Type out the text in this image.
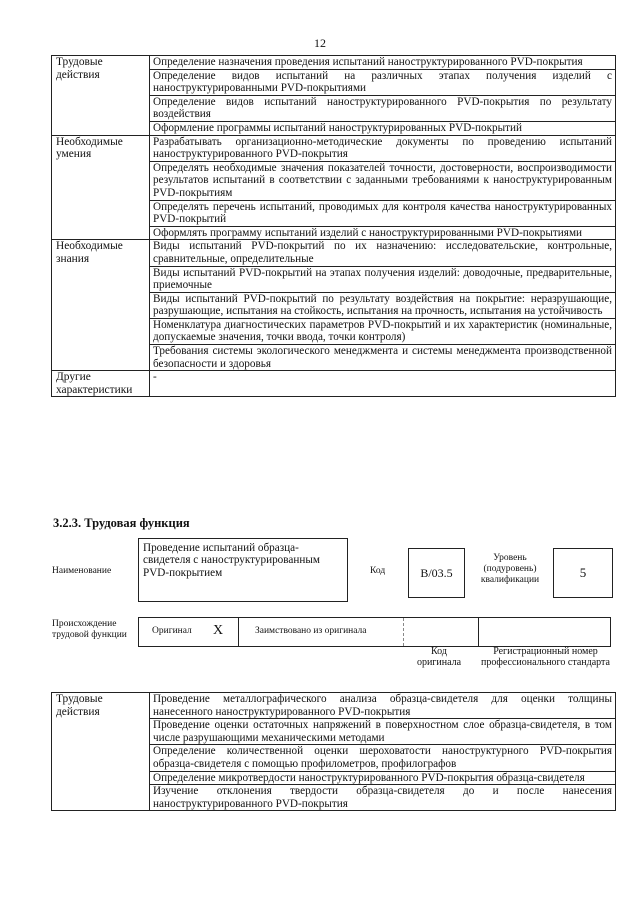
12
Трудовые действия	Определение назначения проведения испытаний наноструктурированного PVD-покрытия
	Определение видов испытаний на различных этапах получения изделий с наноструктурированными PVD-покрытиями
	Определение видов испытаний наноструктурированного PVD-покрытия по результату воздействия
	Оформление программы испытаний наноструктурированных PVD-покрытий
Необходимые умения	Разрабатывать организационно-методические документы по проведению испытаний наноструктурированного PVD-покрытия
	Определять необходимые значения показателей точности, достоверности, воспроизводимости результатов испытаний в соответствии с заданными требованиями к наноструктурированным PVD-покрытиям
	Определять перечень испытаний, проводимых для контроля качества наноструктурированных PVD-покрытий
	Оформлять программу испытаний изделий с наноструктурированными PVD-покрытиями
Необходимые знания	Виды испытаний PVD-покрытий по их назначению: исследовательские, контрольные, сравнительные, определительные
	Виды испытаний PVD-покрытий на этапах получения изделий: доводочные, предварительные, приемочные
	Виды испытаний PVD-покрытий по результату воздействия на покрытие: неразрушающие, разрушающие, испытания на стойкость, испытания на прочность, испытания на устойчивость
	Номенклатура диагностических параметров PVD-покрытий и их характеристик (номинальные, допускаемые значения, точки ввода, точки контроля)
	Требования системы экологического менеджмента и системы менеджмента производственной безопасности и здоровья
Другие характеристики	-
3.2.3. Трудовая функция
Наименование
Проведение испытаний образца-свидетеля с наноструктурированным PVD-покрытием	Код	В/03.5
Уровень (подуровень) квалификации	5
Происхождение трудовой функции	Оригинал X	Заимствовано из оригинала
Код оригинала
Регистрационный номер профессионального стандарта
Трудовые действия	Проведение металлографического анализа образца-свидетеля для оценки толщины нанесенного наноструктурированного PVD-покрытия
Проведение оценки остаточных напряжений в поверхностном слое образца-свидетеля, в том числе разрушающими механическими методами
Определение количественной оценки шероховатости наноструктурного PVD-покрытия образца-свидетеля с помощью профилометров, профилографов
Определение микротвердости наноструктурированного PVD-покрытия образца-свидетеля
Изучение отклонения твердости образца-свидетеля до и после нанесения наноструктурированного PVD-покрытия
